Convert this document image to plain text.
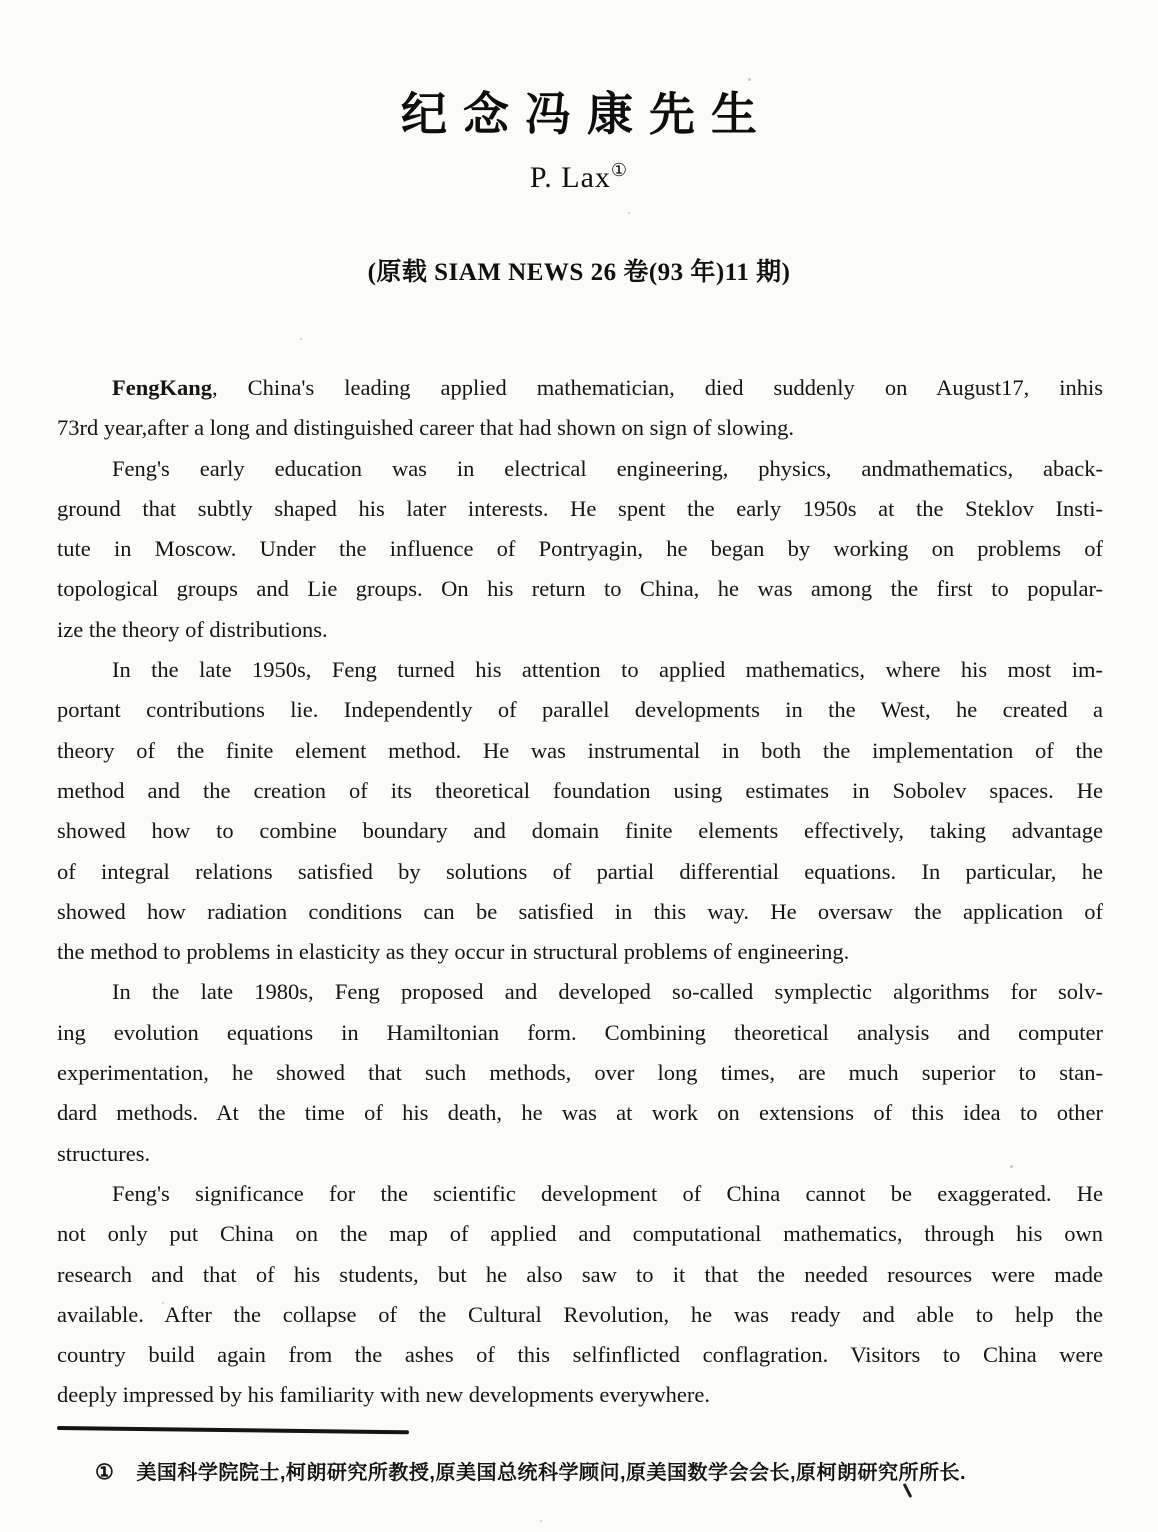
纪念冯康先生
P. Lax①
(原载 SIAM NEWS 26 卷(93 年)11 期)
FengKang, China's leading applied mathematician, died suddenly on August17, inhis
73rd year,after a long and distinguished career that had shown on sign of slowing.
Feng's early education was in electrical engineering, physics, andmathematics, aback-
ground that subtly shaped his later interests. He spent the early 1950s at the Steklov Insti-
tute in Moscow. Under the influence of Pontryagin, he began by working on problems of
topological groups and Lie groups. On his return to China, he was among the first to popular-
ize the theory of distributions.
In the late 1950s, Feng turned his attention to applied mathematics, where his most im-
portant contributions lie. Independently of parallel developments in the West, he created a
theory of the finite element method. He was instrumental in both the implementation of the
method and the creation of its theoretical foundation using estimates in Sobolev spaces. He
showed how to combine boundary and domain finite elements effectively, taking advantage
of integral relations satisfied by solutions of partial differential equations. In particular, he
showed how radiation conditions can be satisfied in this way. He oversaw the application of
the method to problems in elasticity as they occur in structural problems of engineering.
In the late 1980s, Feng proposed and developed so-called symplectic algorithms for solv-
ing evolution equations in Hamiltonian form. Combining theoretical analysis and computer
experimentation, he showed that such methods, over long times, are much superior to stan-
dard methods. At the time of his death, he was at work on extensions of this idea to other
structures.
Feng's significance for the scientific development of China cannot be exaggerated. He
not only put China on the map of applied and computational mathematics, through his own
research and that of his students, but he also saw to it that the needed resources were made
available. After the collapse of the Cultural Revolution, he was ready and able to help the
country build again from the ashes of this selfinflicted conflagration. Visitors to China were
deeply impressed by his familiarity with new developments everywhere.
① 美国科学院院士,柯朗研究所教授,原美国总统科学顾问,原美国数学会会长,原柯朗研究所所长.
